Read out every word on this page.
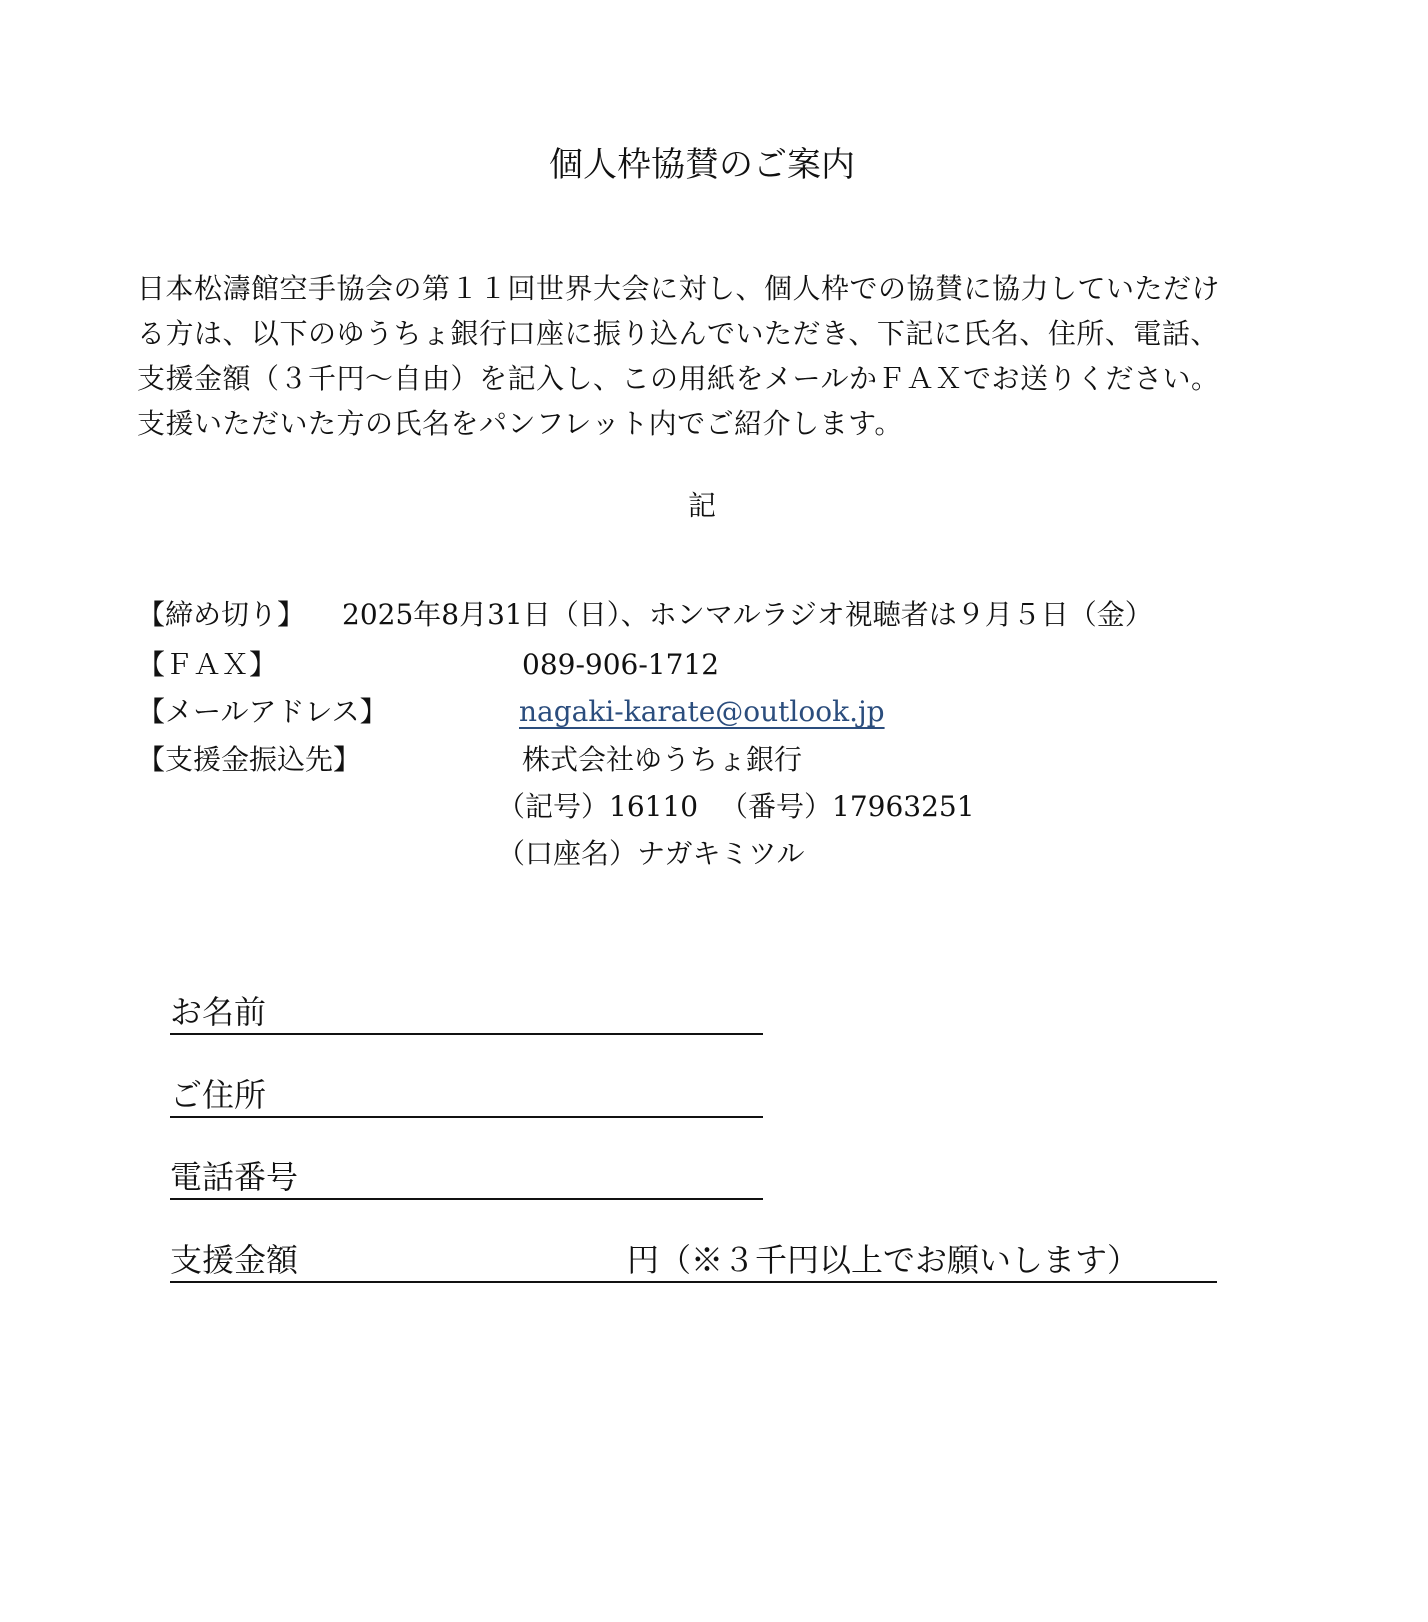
個人枠協賛のご案内

日本松濤館空手協会の第１１回世界大会に対し、個人枠での協賛に協力していただける方は、以下のゆうちょ銀行口座に振り込んでいただき、下記に氏名、住所、電話、支援金額（３千円〜自由）を記入し、この用紙をメールかＦＡＸでお送りください。支援いただいた方の氏名をパンフレット内でご紹介します。

記
【締め切り】 2025年8月31日（日）、ホンマルラジオ視聴者は９月５日（金）
【ＦＡＸ】	089-906-1712
【メールアドレス】	nagaki-karate@outlook.jp
【支援金振込先】	株式会社ゆうちょ銀行
（記号）16110 （番号）17963251
（口座名）ナガキミツル
お名前
ご住所
電話番号
支援金額	円（※３千円以上でお願いします）
